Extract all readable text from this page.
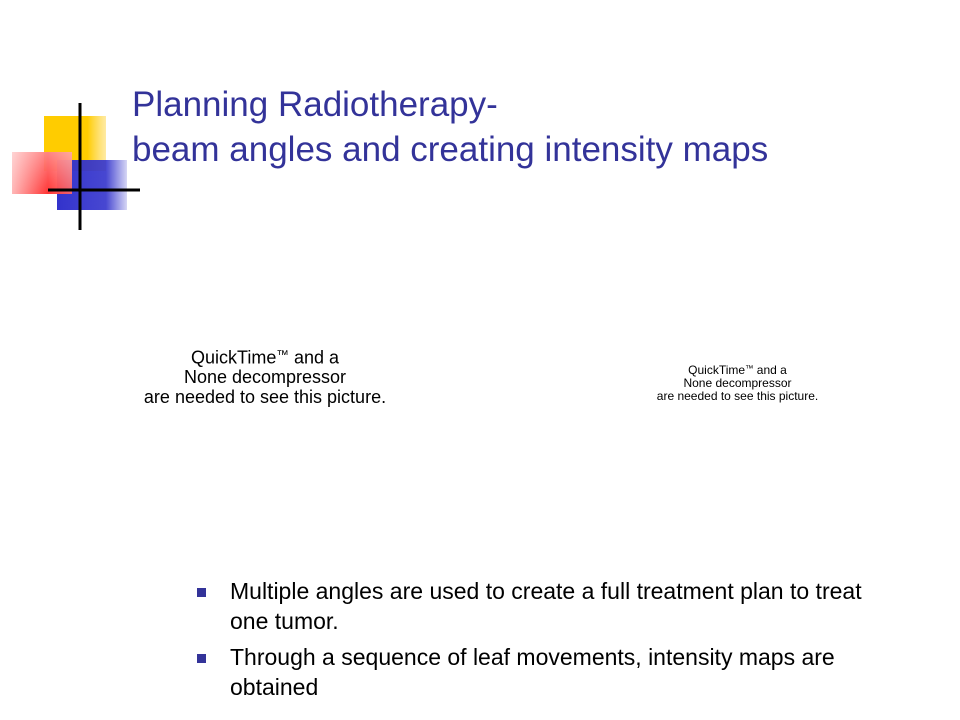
Planning Radiotherapy-
beam angles and creating intensity maps
QuickTime™ and a
None decompressor
are needed to see this picture.
QuickTime™ and a
None decompressor
are needed to see this picture.
Multiple angles are used to create a full treatment plan to treat one tumor.
Through a sequence of leaf movements, intensity maps are obtained
